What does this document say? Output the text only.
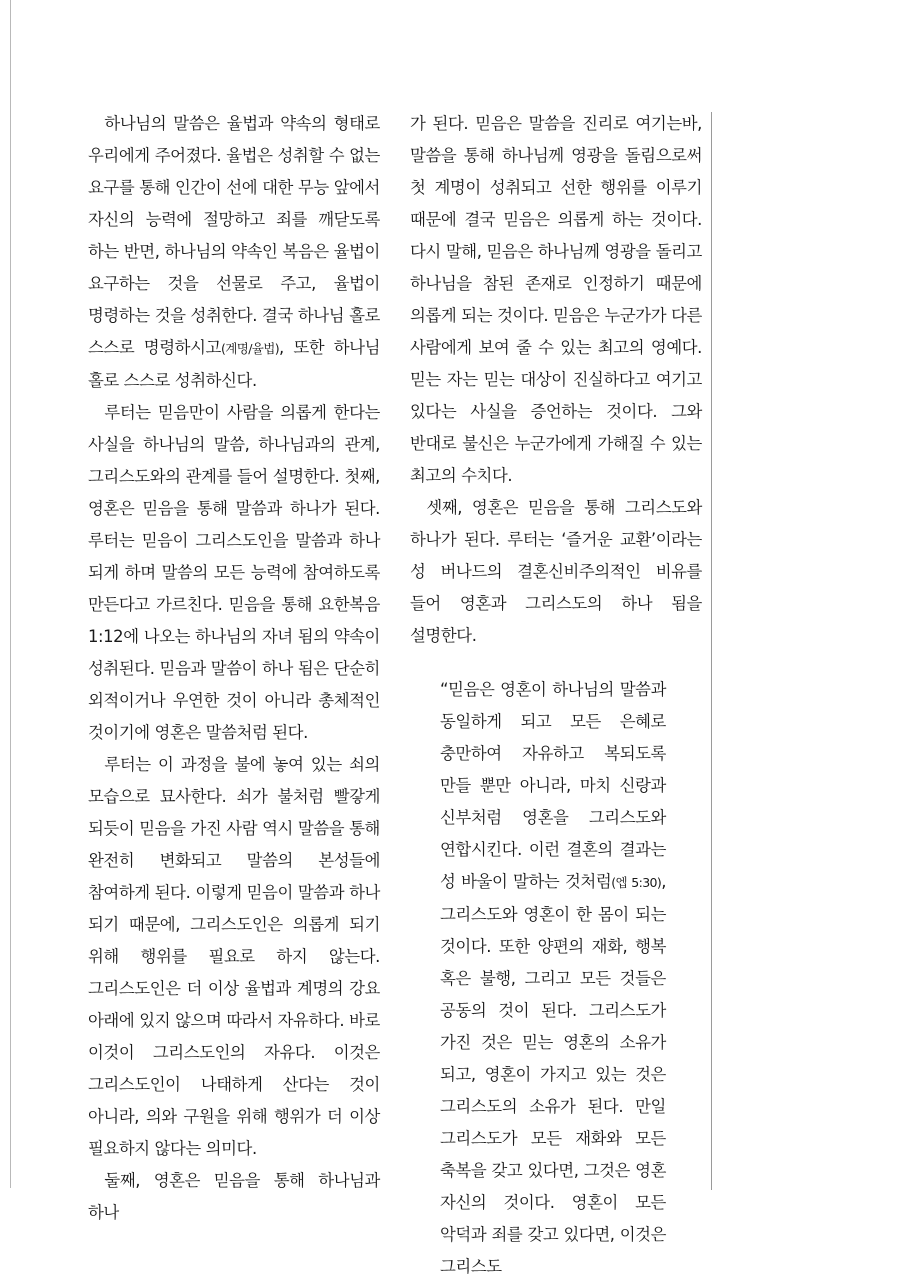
하나님의 말씀은 율법과 약속의 형태로 우리에게 주어졌다. 율법은 성취할 수 없는 요구를 통해 인간이 선에 대한 무능 앞에서 자신의 능력에 절망하고 죄를 깨닫도록 하는 반면, 하나님의 약속인 복음은 율법이 요구하는 것을 선물로 주고, 율법이 명령하는 것을 성취한다. 결국 하나님 홀로 스스로 명령하시고(계명/율법), 또한 하나님 홀로 스스로 성취하신다.

루터는 믿음만이 사람을 의롭게 한다는 사실을 하나님의 말씀, 하나님과의 관계, 그리스도와의 관계를 들어 설명한다. 첫째, 영혼은 믿음을 통해 말씀과 하나가 된다. 루터는 믿음이 그리스도인을 말씀과 하나 되게 하며 말씀의 모든 능력에 참여하도록 만든다고 가르친다. 믿음을 통해 요한복음 1:12에 나오는 하나님의 자녀 됨의 약속이 성취된다. 믿음과 말씀이 하나 됨은 단순히 외적이거나 우연한 것이 아니라 총체적인 것이기에 영혼은 말씀처럼 된다.

루터는 이 과정을 불에 놓여 있는 쇠의 모습으로 묘사한다. 쇠가 불처럼 빨갛게 되듯이 믿음을 가진 사람 역시 말씀을 통해 완전히 변화되고 말씀의 본성들에 참여하게 된다. 이렇게 믿음이 말씀과 하나 되기 때문에, 그리스도인은 의롭게 되기 위해 행위를 필요로 하지 않는다. 그리스도인은 더 이상 율법과 계명의 강요 아래에 있지 않으며 따라서 자유하다. 바로 이것이 그리스도인의 자유다. 이것은 그리스도인이 나태하게 산다는 것이 아니라, 의와 구원을 위해 행위가 더 이상 필요하지 않다는 의미다.

둘째, 영혼은 믿음을 통해 하나님과 하나

가 된다. 믿음은 말씀을 진리로 여기는바, 말씀을 통해 하나님께 영광을 돌림으로써 첫 계명이 성취되고 선한 행위를 이루기 때문에 결국 믿음은 의롭게 하는 것이다. 다시 말해, 믿음은 하나님께 영광을 돌리고 하나님을 참된 존재로 인정하기 때문에 의롭게 되는 것이다. 믿음은 누군가가 다른 사람에게 보여 줄 수 있는 최고의 영예다. 믿는 자는 믿는 대상이 진실하다고 여기고 있다는 사실을 증언하는 것이다. 그와 반대로 불신은 누군가에게 가해질 수 있는 최고의 수치다.

셋째, 영혼은 믿음을 통해 그리스도와 하나가 된다. 루터는 ‘즐거운 교환’이라는 성 버나드의 결혼신비주의적인 비유를 들어 영혼과 그리스도의 하나 됨을 설명한다.

“믿음은 영혼이 하나님의 말씀과 동일하게 되고 모든 은혜로 충만하여 자유하고 복되도록 만들 뿐만 아니라, 마치 신랑과 신부처럼 영혼을 그리스도와 연합시킨다. 이런 결혼의 결과는 성 바울이 말하는 것처럼(엡 5:30), 그리스도와 영혼이 한 몸이 되는 것이다. 또한 양편의 재화, 행복 혹은 불행, 그리고 모든 것들은 공동의 것이 된다. 그리스도가 가진 것은 믿는 영혼의 소유가 되고, 영혼이 가지고 있는 것은 그리스도의 소유가 된다. 만일 그리스도가 모든 재화와 모든 축복을 갖고 있다면, 그것은 영혼 자신의 것이다. 영혼이 모든 악덕과 죄를 갖고 있다면, 이것은 그리스도
